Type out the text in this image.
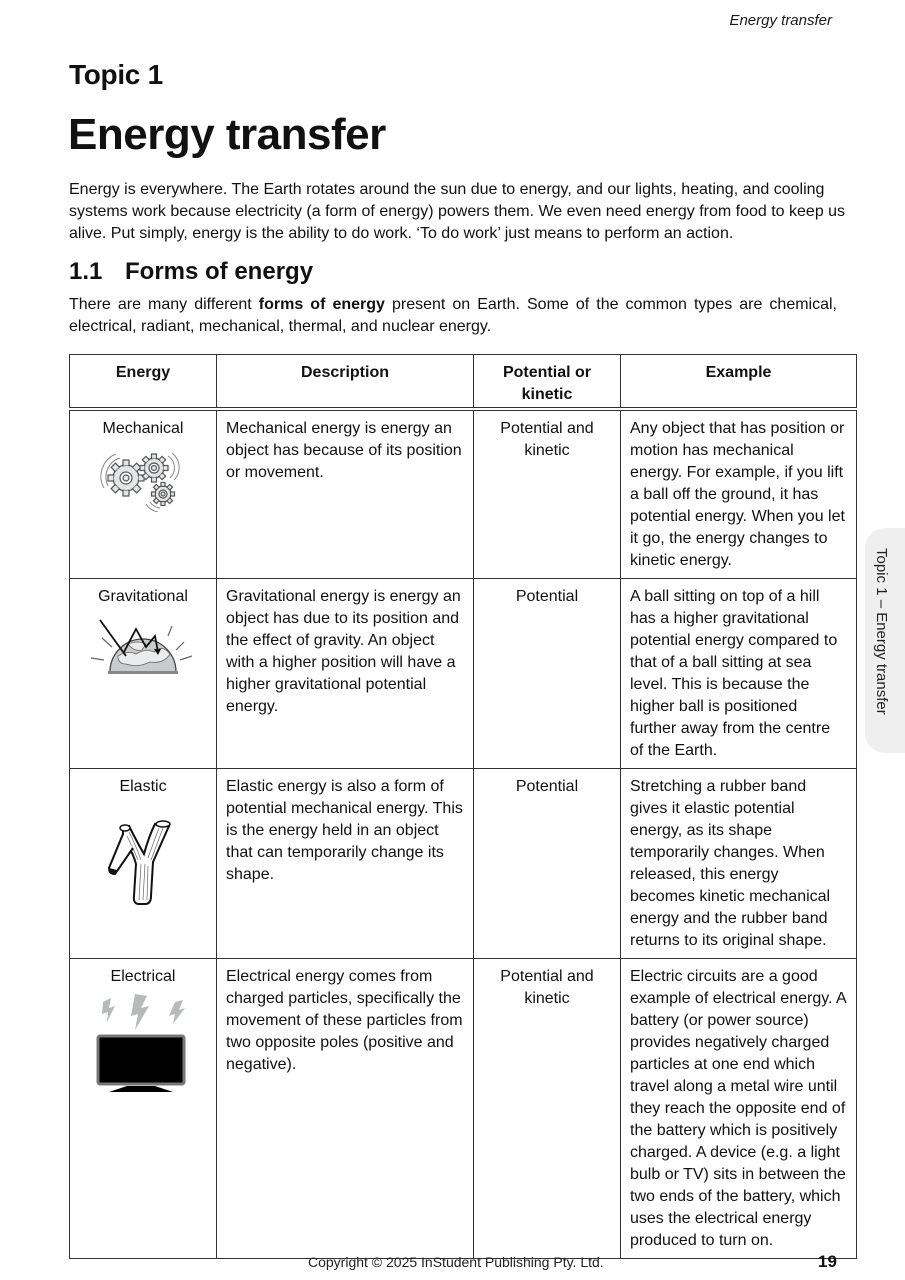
Energy transfer
Topic 1
Energy transfer

Energy is everywhere. The Earth rotates around the sun due to energy, and our lights, heating, and cooling systems work because electricity (a form of energy) powers them. We even need energy from food to keep us alive. Put simply, energy is the ability to do work. ‘To do work’ just means to perform an action.

1.1 Forms of energy

There are many different forms of energy present on Earth. Some of the common types are chemical, electrical, radiant, mechanical, thermal, and nuclear energy.

Energy	Description	Potential or kinetic	Example

Mechanical	Mechanical energy is energy an object has because of its position or movement.	Potential and kinetic	Any object that has position or motion has mechanical energy. For example, if you lift a ball off the ground, it has potential energy. When you let it go, the energy changes to kinetic energy.

Gravitational	Gravitational energy is energy an object has due to its position and the effect of gravity. An object with a higher position will have a higher gravitational potential energy.	Potential	A ball sitting on top of a hill has a higher gravitational potential energy compared to that of a ball sitting at sea level. This is because the higher ball is positioned further away from the centre of the Earth.

Elastic	Elastic energy is also a form of potential mechanical energy. This is the energy held in an object that can temporarily change its shape.	Potential	Stretching a rubber band gives it elastic potential energy, as its shape temporarily changes. When released, this energy becomes kinetic mechanical energy and the rubber band returns to its original shape.

Electrical	Electrical energy comes from charged particles, specifically the movement of these particles from two opposite poles (positive and negative).	Potential and kinetic	Electric circuits are a good example of electrical energy. A battery (or power source) provides negatively charged particles at one end which travel along a metal wire until they reach the opposite end of the battery which is positively charged. A device (e.g. a light bulb or TV) sits in between the two ends of the battery, which uses the electrical energy produced to turn on.
Topic 1 – Energy transfer
Copyright © 2025 InStudent Publishing Pty. Ltd.	19
